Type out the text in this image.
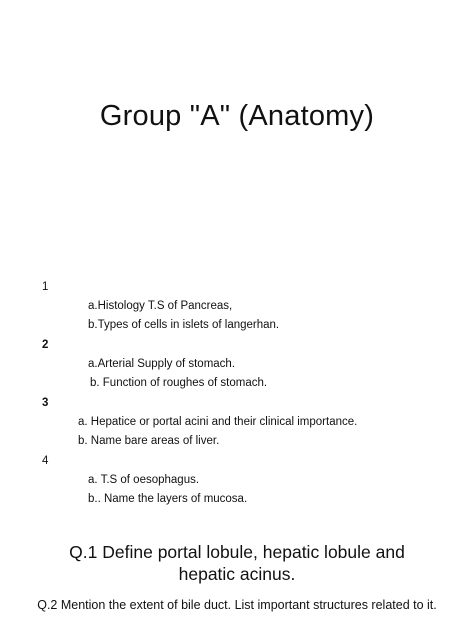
Group "A" (Anatomy)
1
a.Histology T.S of Pancreas,
b.Types of cells in islets of langerhan.
2
a.Arterial Supply of stomach.
b. Function of roughes of stomach.
3
a. Hepatice or portal acini and their clinical importance.
b. Name bare areas of liver.
4
a. T.S of oesophagus.
b.. Name the layers of mucosa.
Q.1 Define portal lobule, hepatic lobule and
hepatic acinus.
Q.2 Mention the extent of bile duct. List important structures related to it.
